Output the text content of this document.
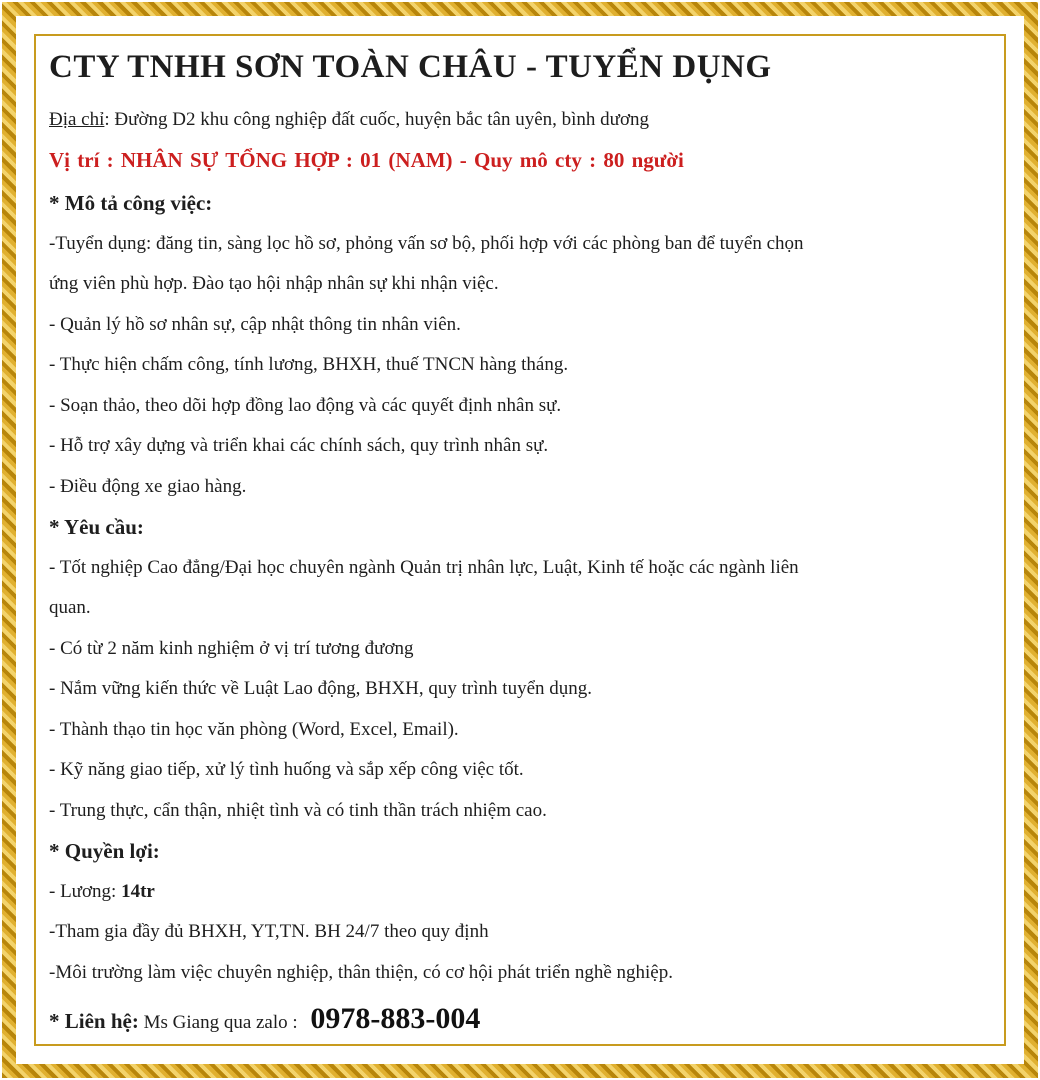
CTY TNHH SƠN TOÀN CHÂU - TUYỂN DỤNG
Địa chỉ: Đường D2 khu công nghiệp đất cuốc, huyện bắc tân uyên, bình dương
Vị trí : NHÂN SỰ TỔNG HỢP : 01 (NAM) - Quy mô cty : 80 người
* Mô tả công việc:
-Tuyển dụng: đăng tin, sàng lọc hồ sơ, phỏng vấn sơ bộ, phối hợp với các phòng ban để tuyển chọn
ứng viên phù hợp. Đào tạo hội nhập nhân sự khi nhận việc.
- Quản lý hồ sơ nhân sự, cập nhật thông tin nhân viên.
- Thực hiện chấm công, tính lương, BHXH, thuế TNCN hàng tháng.
- Soạn thảo, theo dõi hợp đồng lao động và các quyết định nhân sự.
- Hỗ trợ xây dựng và triển khai các chính sách, quy trình nhân sự.
- Điều động xe giao hàng.
* Yêu cầu:
- Tốt nghiệp Cao đẳng/Đại học chuyên ngành Quản trị nhân lực, Luật, Kinh tế hoặc các ngành liên
quan.
- Có từ 2 năm kinh nghiệm ở vị trí tương đương
- Nắm vững kiến thức về Luật Lao động, BHXH, quy trình tuyển dụng.
- Thành thạo tin học văn phòng (Word, Excel, Email).
- Kỹ năng giao tiếp, xử lý tình huống và sắp xếp công việc tốt.
- Trung thực, cẩn thận, nhiệt tình và có tinh thần trách nhiệm cao.
* Quyền lợi:
- Lương: 14tr
-Tham gia đầy đủ BHXH, YT,TN. BH 24/7 theo quy định
-Môi trường làm việc chuyên nghiệp, thân thiện, có cơ hội phát triển nghề nghiệp.
* Liên hệ: Ms Giang qua zalo : 0978-883-004
